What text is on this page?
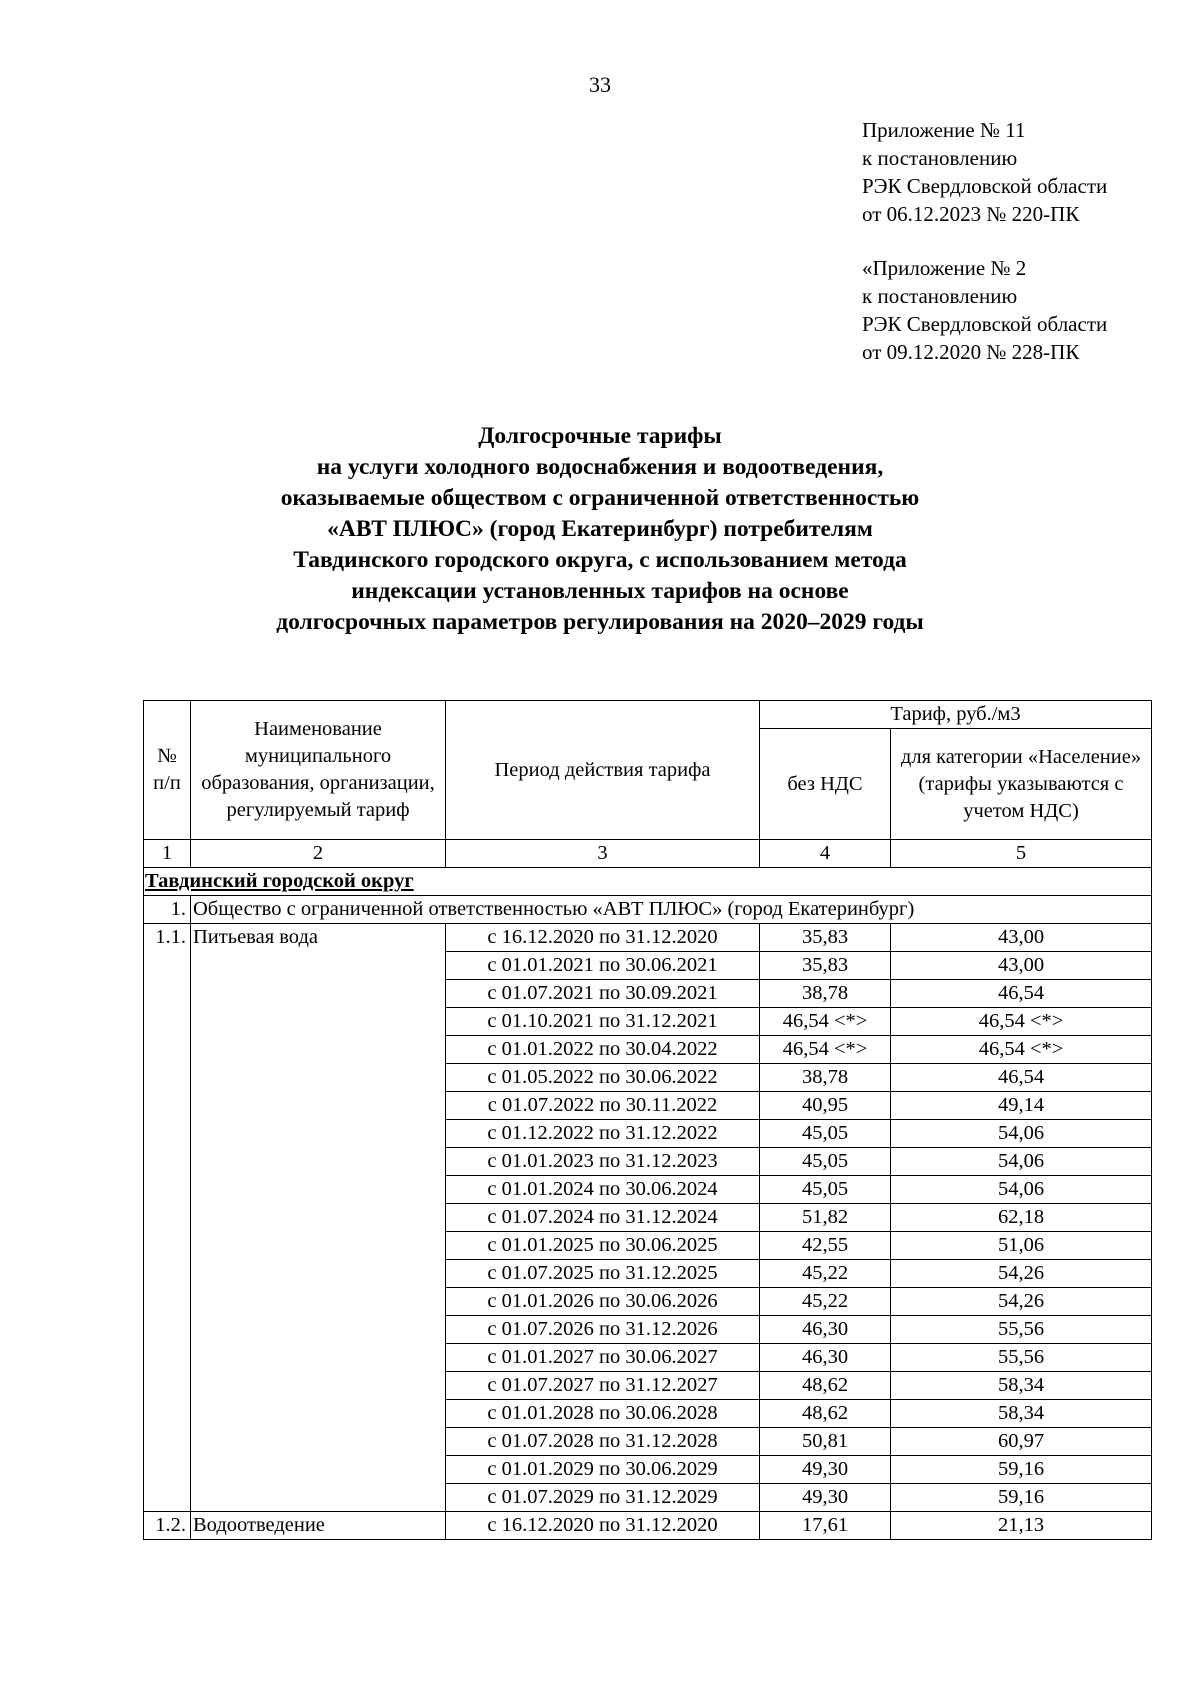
33
Приложение № 11
к постановлению
РЭК Свердловской области
от 06.12.2023 № 220-ПК
«Приложение № 2
к постановлению
РЭК Свердловской области
от 09.12.2020 № 228-ПК
Долгосрочные тарифы
на услуги холодного водоснабжения и водоотведения,
оказываемые обществом с ограниченной ответственностью
«АВТ ПЛЮС» (город Екатеринбург) потребителям
Тавдинского городского округа, с использованием метода
индексации установленных тарифов на основе
долгосрочных параметров регулирования на 2020–2029 годы
№ п/п	Наименование муниципального образования, организации, регулируемый тариф	Период действия тарифа	Тариф, руб./м3	
			без НДС	для категории «Население» (тарифы указываются с учетом НДС)
1	2	3	4	5
Тавдинский городской округ				
1.	Общество с ограниченной ответственностью «АВТ ПЛЮС» (город Екатеринбург)			
1.1.	Питьевая вода	с 16.12.2020 по 31.12.2020	35,83	43,00
		с 01.01.2021 по 30.06.2021	35,83	43,00
		с 01.07.2021 по 30.09.2021	38,78	46,54
		с 01.10.2021 по 31.12.2021	46,54 <*>	46,54 <*>
		с 01.01.2022 по 30.04.2022	46,54 <*>	46,54 <*>
		с 01.05.2022 по 30.06.2022	38,78	46,54
		с 01.07.2022 по 30.11.2022	40,95	49,14
		с 01.12.2022 по 31.12.2022	45,05	54,06
		с 01.01.2023 по 31.12.2023	45,05	54,06
		с 01.01.2024 по 30.06.2024	45,05	54,06
		с 01.07.2024 по 31.12.2024	51,82	62,18
		с 01.01.2025 по 30.06.2025	42,55	51,06
		с 01.07.2025 по 31.12.2025	45,22	54,26
		с 01.01.2026 по 30.06.2026	45,22	54,26
		с 01.07.2026 по 31.12.2026	46,30	55,56
		с 01.01.2027 по 30.06.2027	46,30	55,56
		с 01.07.2027 по 31.12.2027	48,62	58,34
		с 01.01.2028 по 30.06.2028	48,62	58,34
		с 01.07.2028 по 31.12.2028	50,81	60,97
		с 01.01.2029 по 30.06.2029	49,30	59,16
		с 01.07.2029 по 31.12.2029	49,30	59,16
1.2.	Водоотведение	с 16.12.2020 по 31.12.2020	17,61	21,13
